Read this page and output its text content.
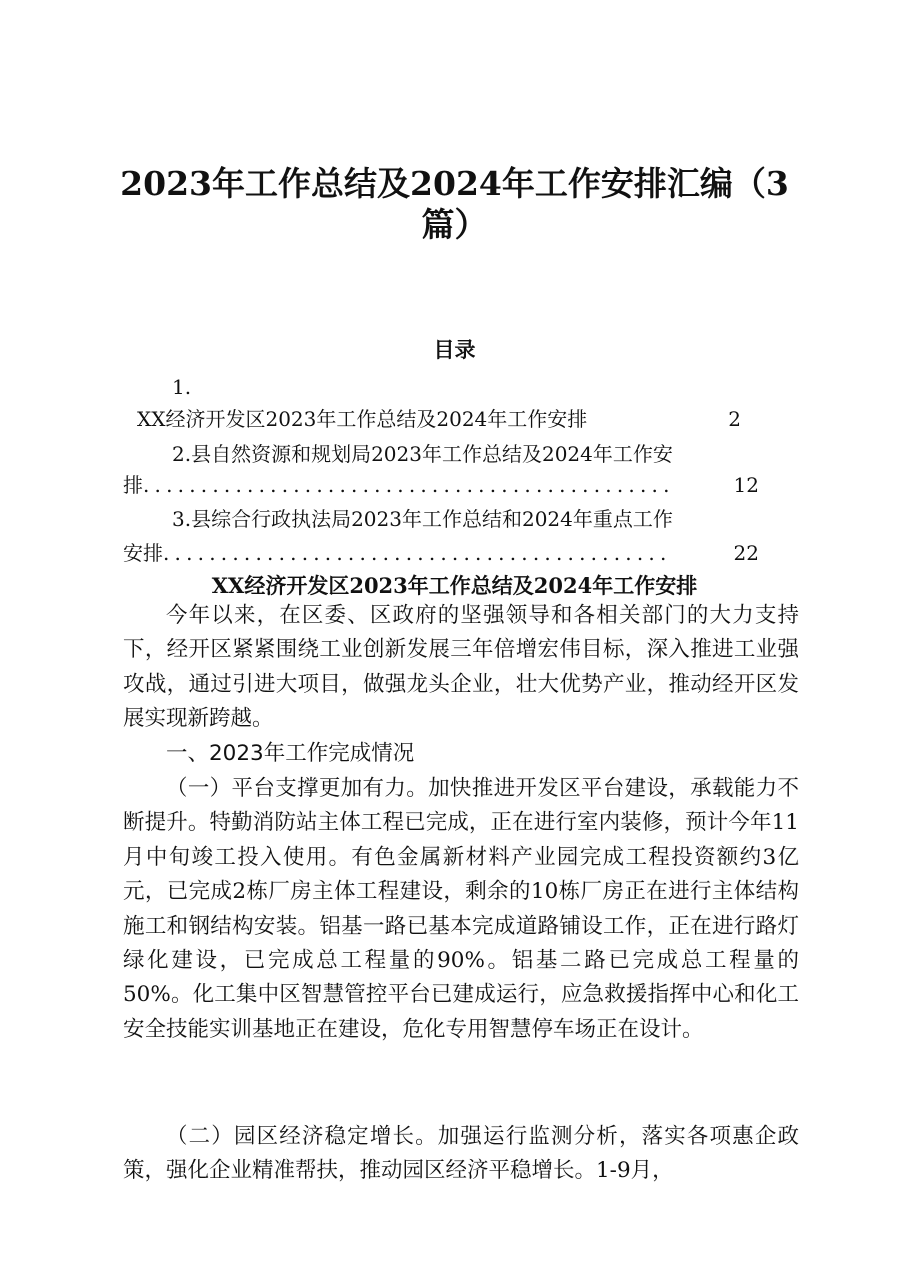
2023年工作总结及2024年工作安排汇编（3
篇）
目录
1.
XX经济开发区2023年工作总结及2024年工作安排	2
2.县自然资源和规划局2023年工作总结及2024年工作安
排 ..............................................	12
3.县综合行政执法局2023年工作总结和2024年重点工作
安排 ............................................	22
XX经济开发区2023年工作总结及2024年工作安排
今年以来，在区委、区政府的坚强领导和各相关部门的大力支持下，经开区紧紧围绕工业创新发展三年倍增宏伟目标，深入推进工业强攻战，通过引进大项目，做强龙头企业，壮大优势产业，推动经开区发展实现新跨越。
一、2023年工作完成情况
（一）平台支撑更加有力。加快推进开发区平台建设，承载能力不断提升。特勤消防站主体工程已完成，正在进行室内装修，预计今年11月中旬竣工投入使用。有色金属新材料产业园完成工程投资额约3亿元，已完成2栋厂房主体工程建设，剩余的10栋厂房正在进行主体结构施工和钢结构安装。铝基一路已基本完成道路铺设工作，正在进行路灯绿化建设，已完成总工程量的90%。铝基二路已完成总工程量的50%。化工集中区智慧管控平台已建成运行，应急救援指挥中心和化工安全技能实训基地正在建设，危化专用智慧停车场正在设计。
（二）园区经济稳定增长。加强运行监测分析，落实各项惠企政策，强化企业精准帮扶，推动园区经济平稳增长。1-9月，
